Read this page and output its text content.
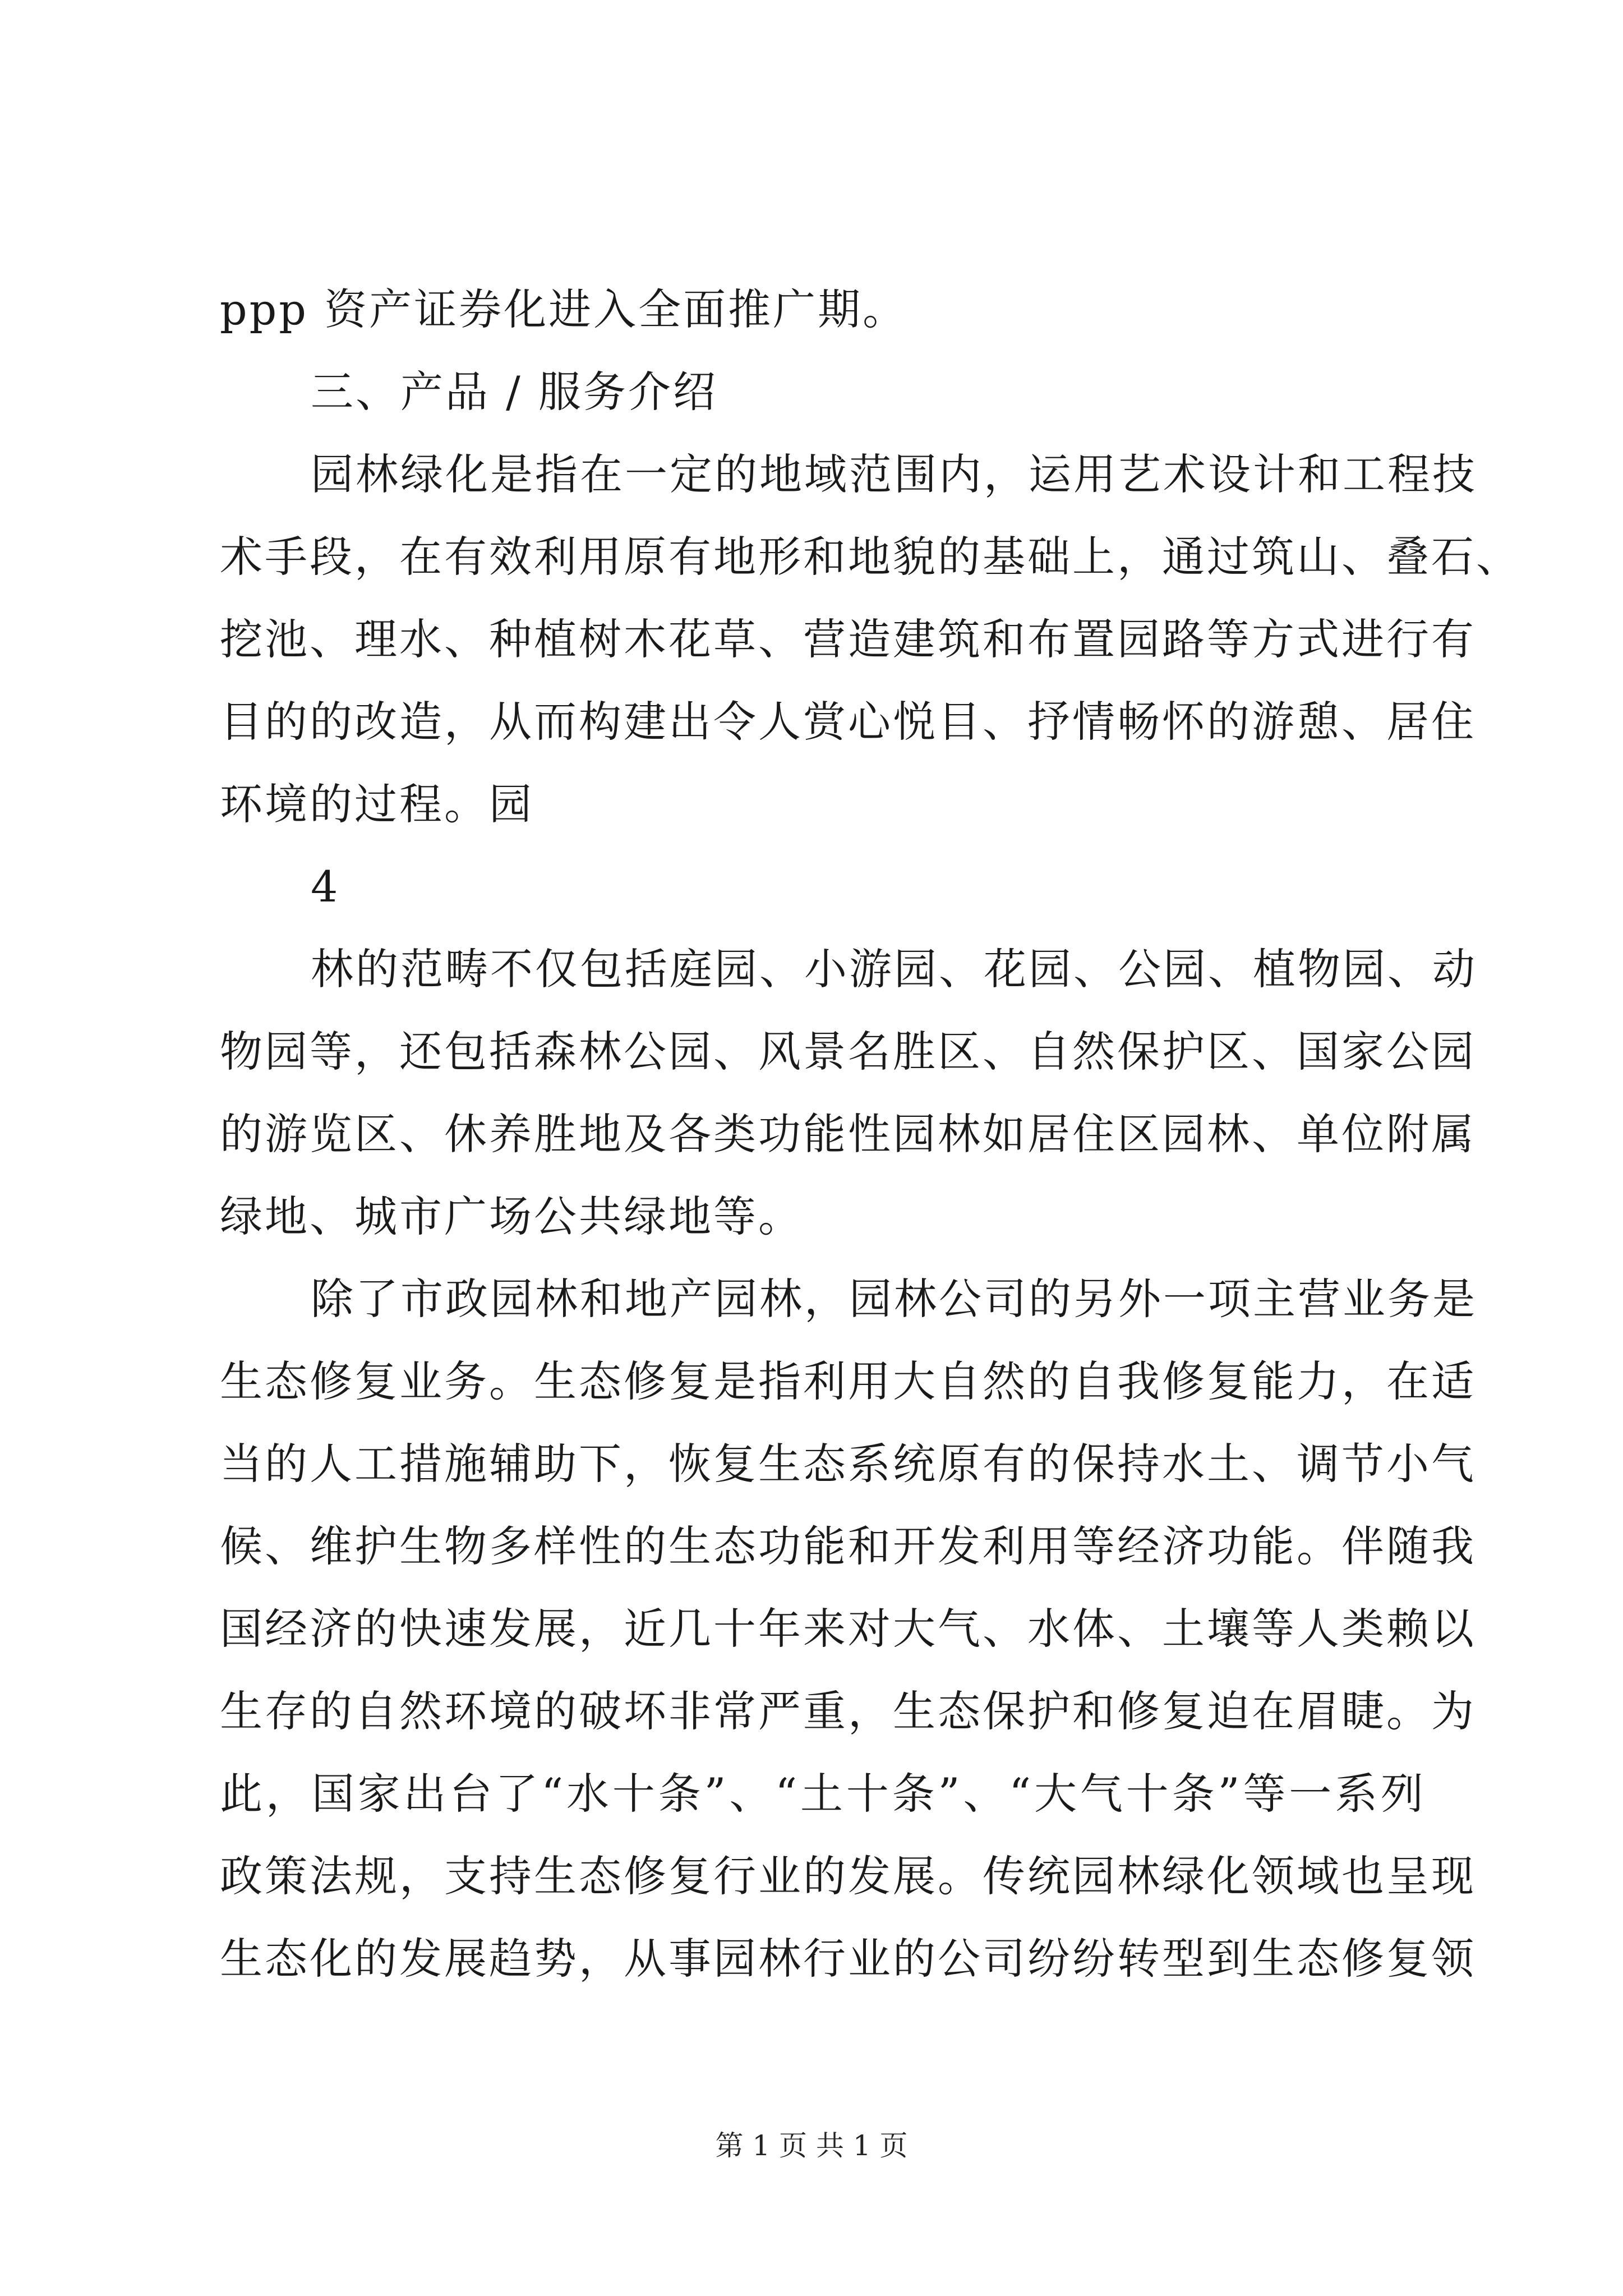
ppp 资产证券化进入全面推广期。
三、产品 / 服务介绍
园林绿化是指在一定的地域范围内，运用艺术设计和工程技
术手段，在有效利用原有地形和地貌的基础上，通过筑山、叠石、
挖池、理水、种植树木花草、营造建筑和布置园路等方式进行有
目的的改造，从而构建出令人赏心悦目、抒情畅怀的游憩、居住
环境的过程。园
4
林的范畴不仅包括庭园、小游园、花园、公园、植物园、动
物园等，还包括森林公园、风景名胜区、自然保护区、国家公园
的游览区、休养胜地及各类功能性园林如居住区园林、单位附属
绿地、城市广场公共绿地等。
除了市政园林和地产园林，园林公司的另外一项主营业务是
生态修复业务。生态修复是指利用大自然的自我修复能力，在适
当的人工措施辅助下，恢复生态系统原有的保持水土、调节小气
候、维护生物多样性的生态功能和开发利用等经济功能。伴随我
国经济的快速发展，近几十年来对大气、水体、土壤等人类赖以
生存的自然环境的破坏非常严重，生态保护和修复迫在眉睫。为
此，国家出台了“水十条”、“土十条”、“大气十条”等一系列
政策法规，支持生态修复行业的发展。传统园林绿化领域也呈现
生态化的发展趋势，从事园林行业的公司纷纷转型到生态修复领
第 1 页 共 1 页
